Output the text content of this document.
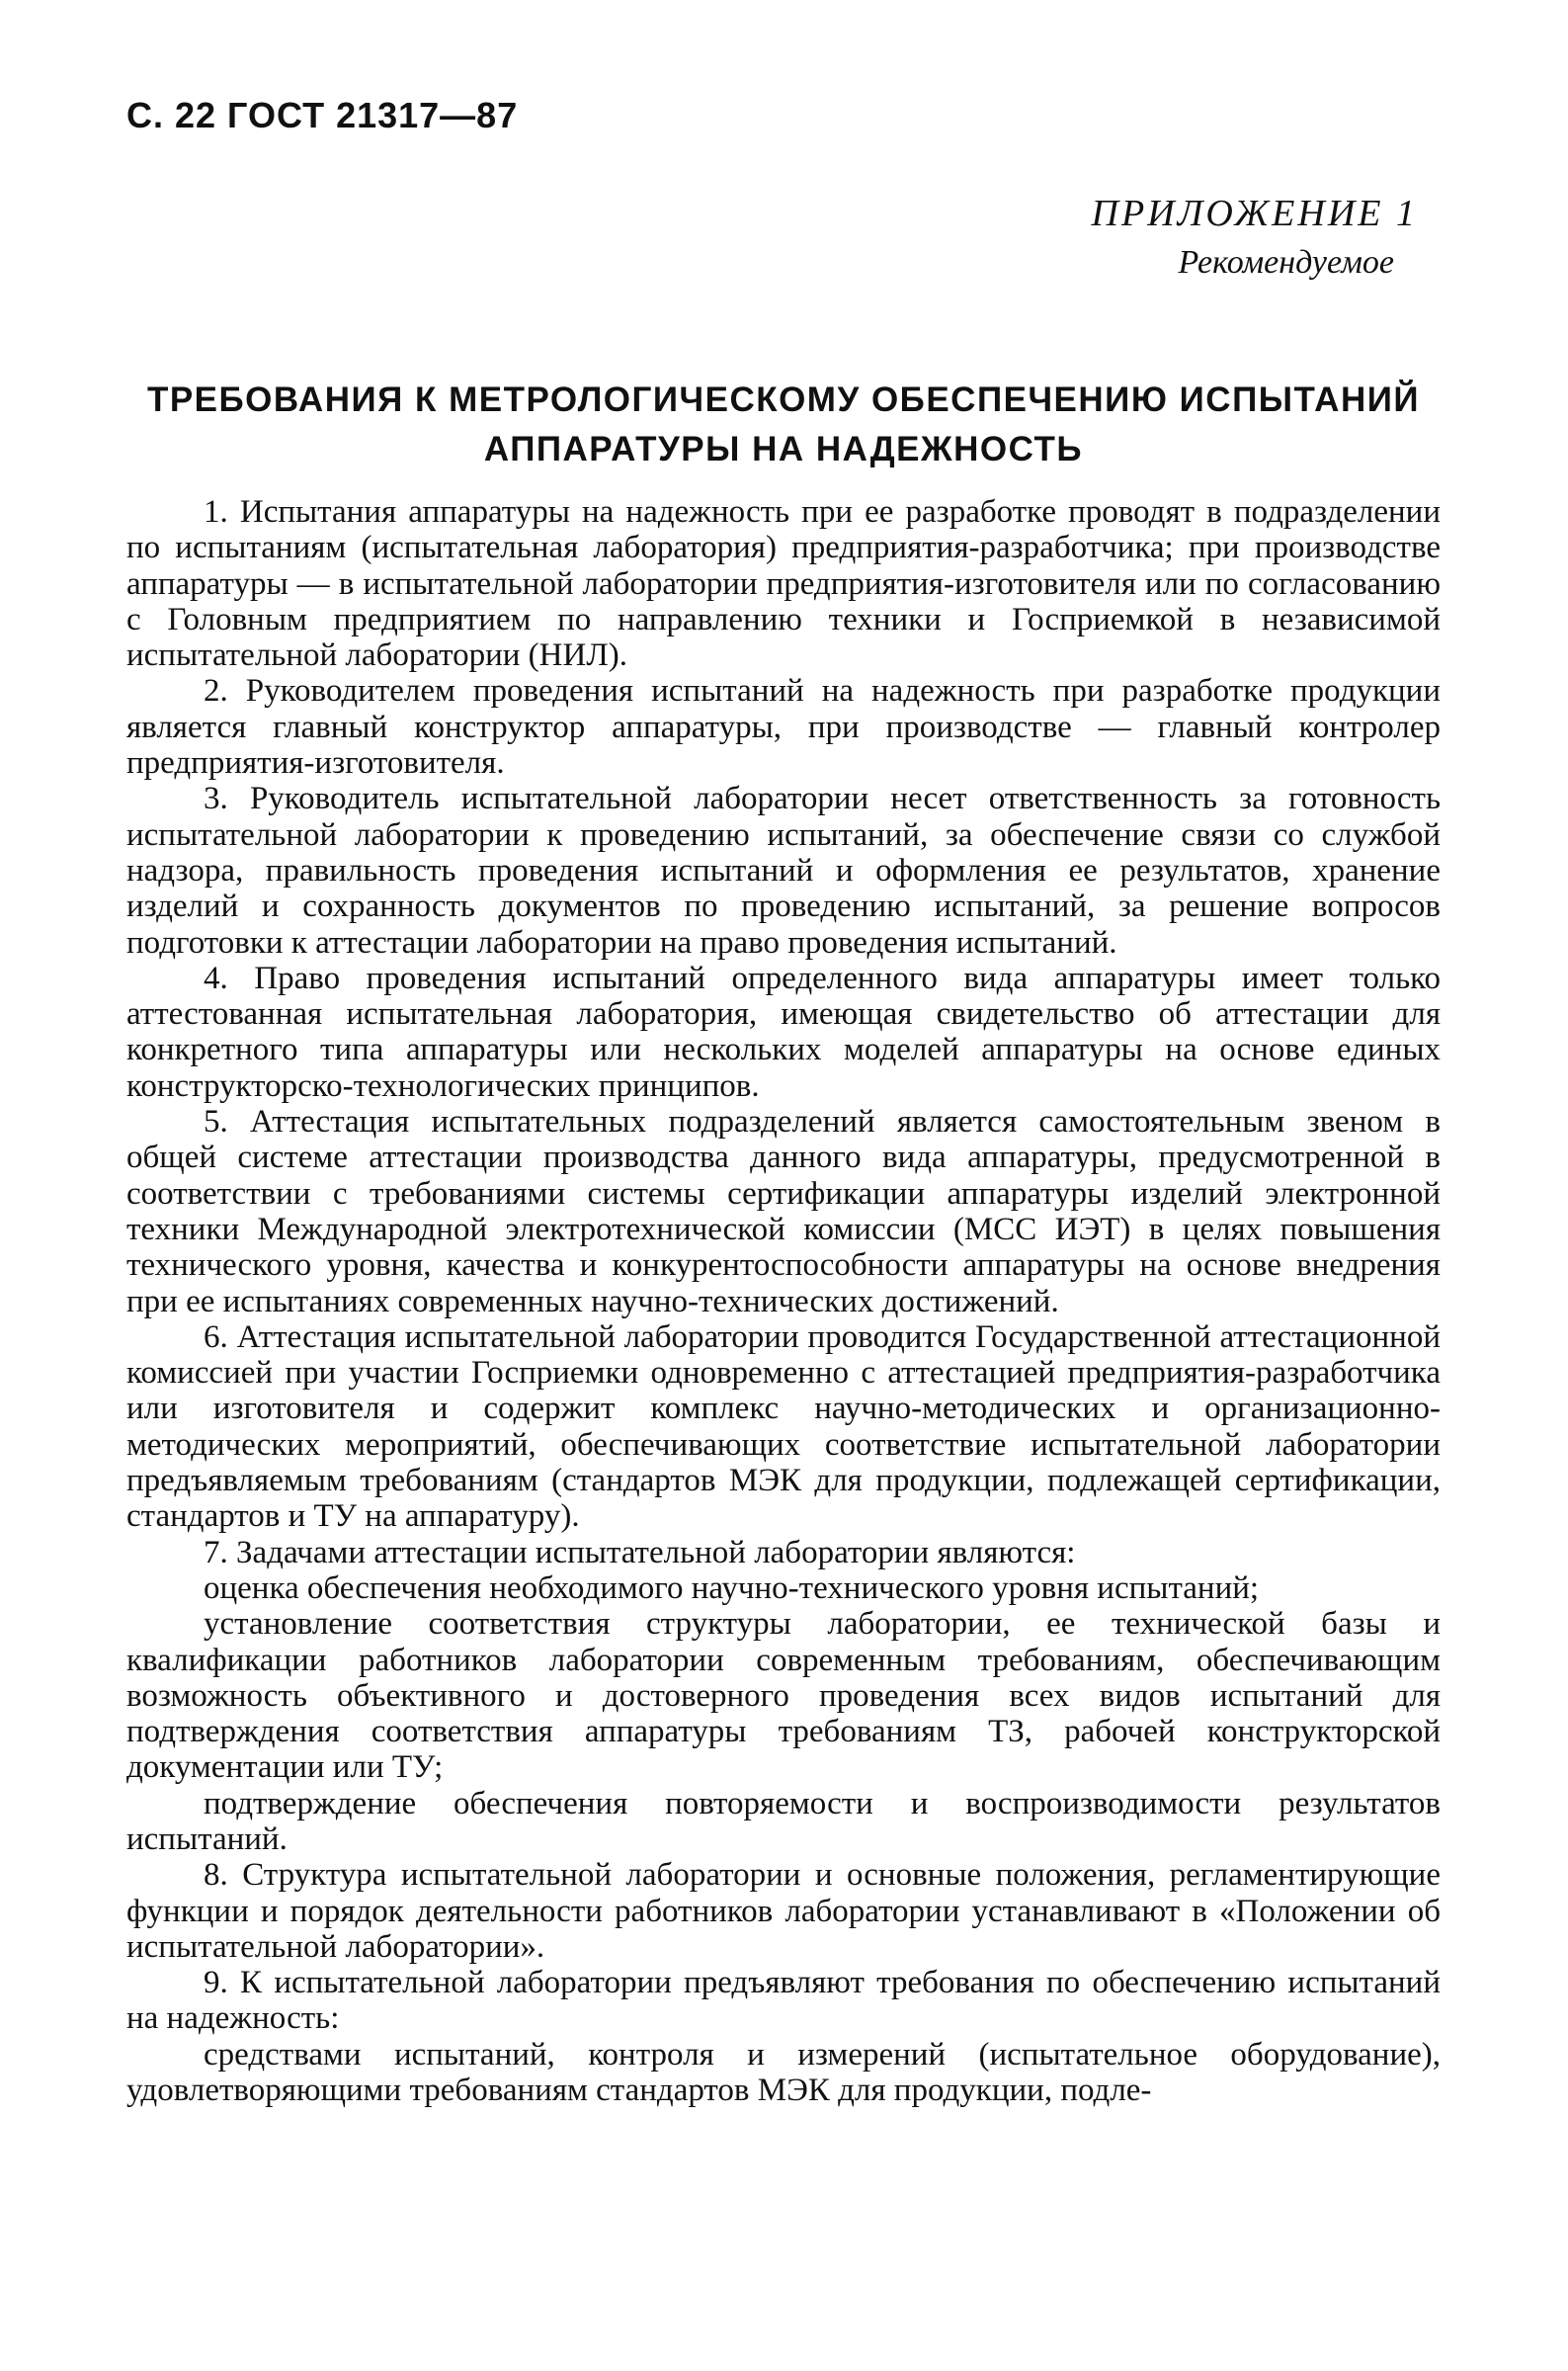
С. 22 ГОСТ 21317—87
ПРИЛОЖЕНИЕ 1
Рекомендуемое
ТРЕБОВАНИЯ К МЕТРОЛОГИЧЕСКОМУ ОБЕСПЕЧЕНИЮ ИСПЫТАНИЙ
АППАРАТУРЫ НА НАДЕЖНОСТЬ

1. Испытания аппаратуры на надежность при ее разработке проводят в подразделении по испытаниям (испытательная лаборатория) предприятия-разработчика; при производстве аппаратуры — в испытательной лаборатории предприятия-изготовителя или по согласованию с Головным предприятием по направлению техники и Госприемкой в независимой испытательной лаборатории (НИЛ).

2. Руководителем проведения испытаний на надежность при разработке продукции является главный конструктор аппаратуры, при производстве — главный контролер предприятия-изготовителя.

3. Руководитель испытательной лаборатории несет ответственность за готовность испытательной лаборатории к проведению испытаний, за обеспечение связи со службой надзора, правильность проведения испытаний и оформления ее результатов, хранение изделий и сохранность документов по проведению испытаний, за решение вопросов подготовки к аттестации лаборатории на право проведения испытаний.

4. Право проведения испытаний определенного вида аппаратуры имеет только аттестованная испытательная лаборатория, имеющая свидетельство об аттестации для конкретного типа аппаратуры или нескольких моделей аппаратуры на основе единых конструкторско-технологических принципов.

5. Аттестация испытательных подразделений является самостоятельным звеном в общей системе аттестации производства данного вида аппаратуры, предусмотренной в соответствии с требованиями системы сертификации аппаратуры изделий электронной техники Международной электротехнической комиссии (МСС ИЭТ) в целях повышения технического уровня, качества и конкурентоспособности аппаратуры на основе внедрения при ее испытаниях современных научно-технических достижений.

6. Аттестация испытательной лаборатории проводится Государственной аттестационной комиссией при участии Госприемки одновременно с аттестацией предприятия-разработчика или изготовителя и содержит комплекс научно-методических и организационно-методических мероприятий, обеспечивающих соответствие испытательной лаборатории предъявляемым требованиям (стандартов МЭК для продукции, подлежащей сертификации, стандартов и ТУ на аппаратуру).

7. Задачами аттестации испытательной лаборатории являются:

оценка обеспечения необходимого научно-технического уровня испытаний;

установление соответствия структуры лаборатории, ее технической базы и квалификации работников лаборатории современным требованиям, обеспечивающим возможность объективного и достоверного проведения всех видов испытаний для подтверждения соответствия аппаратуры требованиям ТЗ, рабочей конструкторской документации или ТУ;

подтверждение обеспечения повторяемости и воспроизводимости результатов испытаний.

8. Структура испытательной лаборатории и основные положения, регламентирующие функции и порядок деятельности работников лаборатории устанавливают в «Положении об испытательной лаборатории».

9. К испытательной лаборатории предъявляют требования по обеспечению испытаний на надежность:

средствами испытаний, контроля и измерений (испытательное оборудование), удовлетворяющими требованиям стандартов МЭК для продукции, подле-
